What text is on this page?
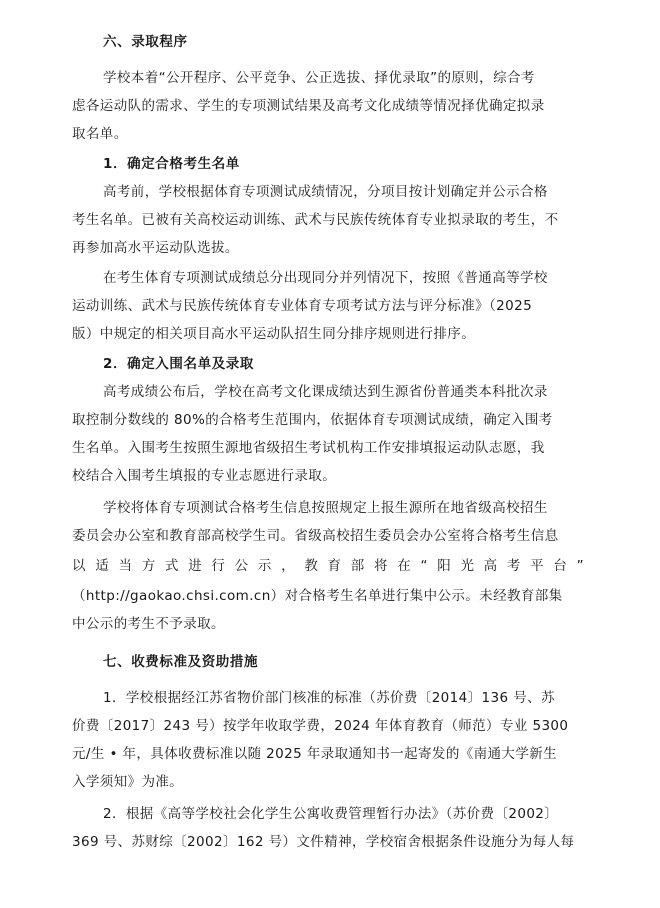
六、录取程序
学校本着“公开程序、公平竞争、公正选拔、择优录取”的原则，综合考
虑各运动队的需求、学生的专项测试结果及高考文化成绩等情况择优确定拟录
取名单。
1．确定合格考生名单
高考前，学校根据体育专项测试成绩情况，分项目按计划确定并公示合格
考生名单。已被有关高校运动训练、武术与民族传统体育专业拟录取的考生，不
再参加高水平运动队选拔。
在考生体育专项测试成绩总分出现同分并列情况下，按照《普通高等学校
运动训练、武术与民族传统体育专业体育专项考试方法与评分标准》（2025
版）中规定的相关项目高水平运动队招生同分排序规则进行排序。
2．确定入围名单及录取
高考成绩公布后，学校在高考文化课成绩达到生源省份普通类本科批次录
取控制分数线的 80%的合格考生范围内，依据体育专项测试成绩，确定入围考
生名单。入围考生按照生源地省级招生考试机构工作安排填报运动队志愿，我
校结合入围考生填报的专业志愿进行录取。
学校将体育专项测试合格考生信息按照规定上报生源所在地省级高校招生
委员会办公室和教育部高校学生司。省级高校招生委员会办公室将合格考生信息
以适当方式进行公示，教育部将在“阳光高考平台”
（http://gaokao.chsi.com.cn）对合格考生名单进行集中公示。未经教育部集
中公示的考生不予录取。
七、收费标准及资助措施
1．学校根据经江苏省物价部门核准的标准（苏价费〔2014〕136 号、苏
价费〔2017〕243 号）按学年收取学费，2024 年体育教育（师范）专业 5300
元/生 • 年，具体收费标准以随 2025 年录取通知书一起寄发的《南通大学新生
入学须知》为准。
2．根据《高等学校社会化学生公寓收费管理暂行办法》（苏价费〔2002〕
369 号、苏财综〔2002〕162 号）文件精神，学校宿舍根据条件设施分为每人每
